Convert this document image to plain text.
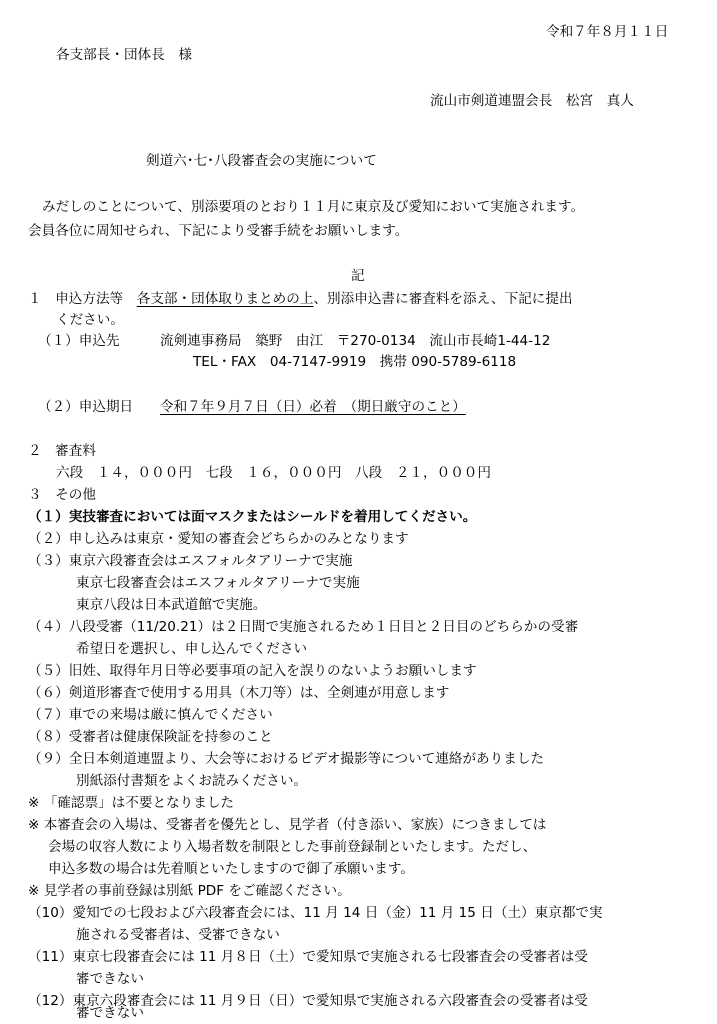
令和７年８月１１日
各支部長・団体長　様
流山市剣道連盟会長　松宮　真人
剣道六･七･八段審査会の実施について
みだしのことについて、別添要項のとおり１１月に東京及び愛知において実施されます。
会員各位に周知せられ、下記により受審手続をお願いします。
記
１　申込方法等　各支部・団体取りまとめの上、別添申込書に審査料を添え、下記に提出
ください。
（１）申込先	流剣連事務局　築野　由江　〒270-0134　流山市長崎1-44-12
TEL・FAX　04-7147-9919　携帯 090-5789-6118
（２）申込期日 令和７年９月７日（日）必着　（期日厳守のこと）
２　審査料
六段　１４，０００円　七段　１６，０００円　八段　２１，０００円
３　その他
（１）実技審査においては面マスクまたはシールドを着用してください。
（２）申し込みは東京・愛知の審査会どちらかのみとなります
（３）東京六段審査会はエスフォルタアリーナで実施
東京七段審査会はエスフォルタアリーナで実施
東京八段は日本武道館で実施。
（４）八段受審（11/20.21）は２日間で実施されるため１日目と２日目のどちらかの受審
希望日を選択し、申し込んでください
（５）旧姓、取得年月日等必要事項の記入を誤りのないようお願いします
（６）剣道形審査で使用する用具（木刀等）は、全剣連が用意します
（７）車での来場は厳に慎んでください
（８）受審者は健康保険証を持参のこと
（９）全日本剣道連盟より、大会等におけるビデオ撮影等について連絡がありました
別紙添付書類をよくお読みください。
※ 「確認票」は不要となりました
※ 本審査会の入場は、受審者を優先とし、見学者（付き添い、家族）につきましては
会場の収容人数により入場者数を制限とした事前登録制といたします。ただし、
申込多数の場合は先着順といたしますので御了承願います。
※ 見学者の事前登録は別紙 PDF をご確認ください。
（10）愛知での七段および六段審査会には、11 月 14 日（金）11 月 15 日（土）東京都で実
施される受審者は、受審できない
（11）東京七段審査会には 11 月８日（土）で愛知県で実施される七段審査会の受審者は受
審できない
（12）東京六段審査会には 11 月９日（日）で愛知県で実施される六段審査会の受審者は受
審できない
